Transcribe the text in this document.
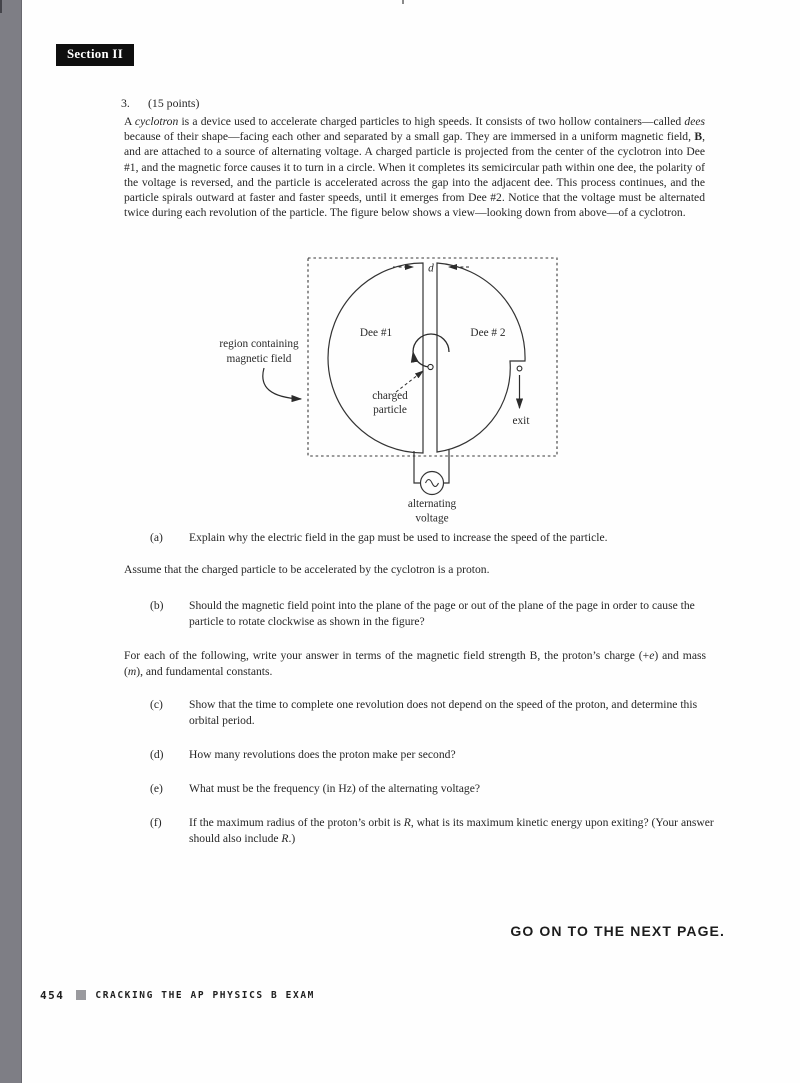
Section II
3. (15 points)
A cyclotron is a device used to accelerate charged particles to high speeds. It consists of two hollow containers—called dees because of their shape—facing each other and separated by a small gap. They are immersed in a uniform magnetic field, B, and are attached to a source of alternating voltage. A charged particle is projected from the center of the cyclotron into Dee #1, and the magnetic force causes it to turn in a circle. When it completes its semicircular path within one dee, the polarity of the voltage is reversed, and the particle is accelerated across the gap into the adjacent dee. This process continues, and the particle spirals outward at faster and faster speeds, until it emerges from Dee #2. Notice that the voltage must be alternated twice during each revolution of the particle. The figure below shows a view—looking down from above—of a cyclotron.
d
Dee #1	Dee # 2
charged
particle
region containing
magnetic field
exit
alternating
voltage
(a) Explain why the electric field in the gap must be used to increase the speed of the particle.
Assume that the charged particle to be accelerated by the cyclotron is a proton.
(b) Should the magnetic field point into the plane of the page or out of the plane of the page in order to cause the particle to rotate clockwise as shown in the figure?
For each of the following, write your answer in terms of the magnetic field strength B, the proton’s charge (+e) and mass (m), and fundamental constants.
(c) Show that the time to complete one revolution does not depend on the speed of the proton, and determine this orbital period.
(d) How many revolutions does the proton make per second?
(e) What must be the frequency (in Hz) of the alternating voltage?
(f) If the maximum radius of the proton’s orbit is R, what is its maximum kinetic energy upon exiting? (Your answer should also include R.)
GO ON TO THE NEXT PAGE.
454	CRACKING THE AP PHYSICS B EXAM
